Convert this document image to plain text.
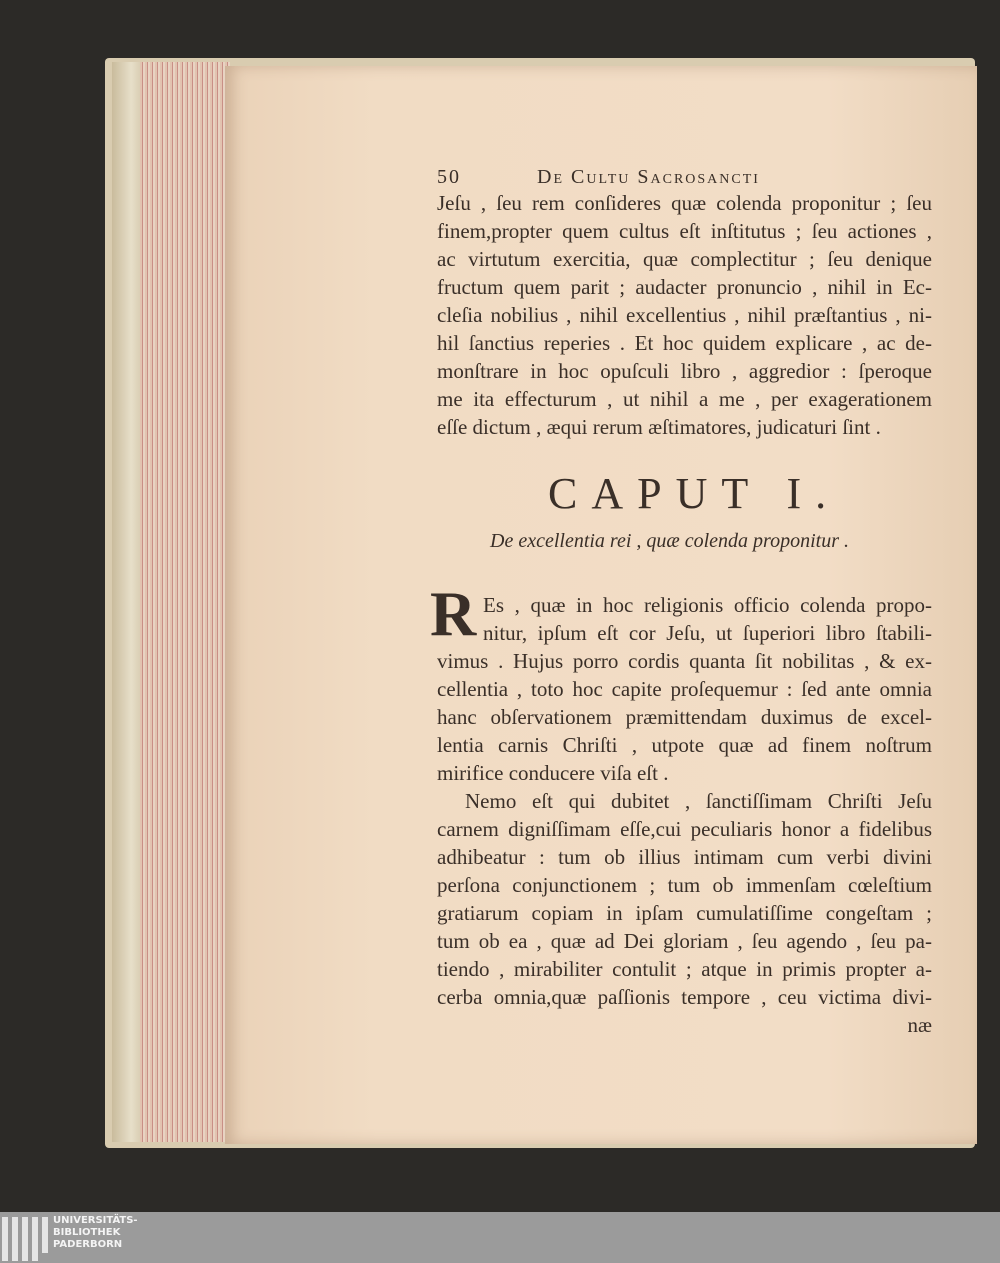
50	De Cultu Sacrosancti
Jeſu , ſeu rem conſideres quæ colenda proponitur ; ſeu
finem,propter quem cultus eſt inſtitutus ; ſeu actiones ,
ac virtutum exercitia, quæ complectitur ; ſeu denique
fructum quem parit ; audacter pronuncio , nihil in Ec-
cleſia nobilius , nihil excellentius , nihil præſtantius , ni-
hil ſanctius reperies . Et hoc quidem explicare , ac de-
monſtrare in hoc opuſculi libro , aggredior : ſperoque
me ita effecturum , ut nihil a me , per exagerationem
eſſe dictum , æqui rerum æſtimatores, judicaturi ſint .
CAPUT I.
De excellentia rei , quæ colenda proponitur .
R Es , quæ in hoc religionis officio colenda propo-
nitur, ipſum eſt cor Jeſu, ut ſuperiori libro ſtabili-
vimus . Hujus porro cordis quanta ſit nobilitas , & ex-
cellentia , toto hoc capite proſequemur : ſed ante omnia
hanc obſervationem præmittendam duximus de excel-
lentia carnis Chriſti , utpote quæ ad finem noſtrum
mirifice conducere viſa eſt .
Nemo eſt qui dubitet , ſanctiſſimam Chriſti Jeſu
carnem digniſſimam eſſe,cui peculiaris honor a fidelibus
adhibeatur : tum ob illius intimam cum verbi divini
perſona conjunctionem ; tum ob immenſam cœleſtium
gratiarum copiam in ipſam cumulatiſſime congeſtam ;
tum ob ea , quæ ad Dei gloriam , ſeu agendo , ſeu pa-
tiendo , mirabiliter contulit ; atque in primis propter a-
cerba omnia,quæ paſſionis tempore , ceu victima divi-
næ
UNIVERSITÄTS-
BIBLIOTHEK
PADERBORN
